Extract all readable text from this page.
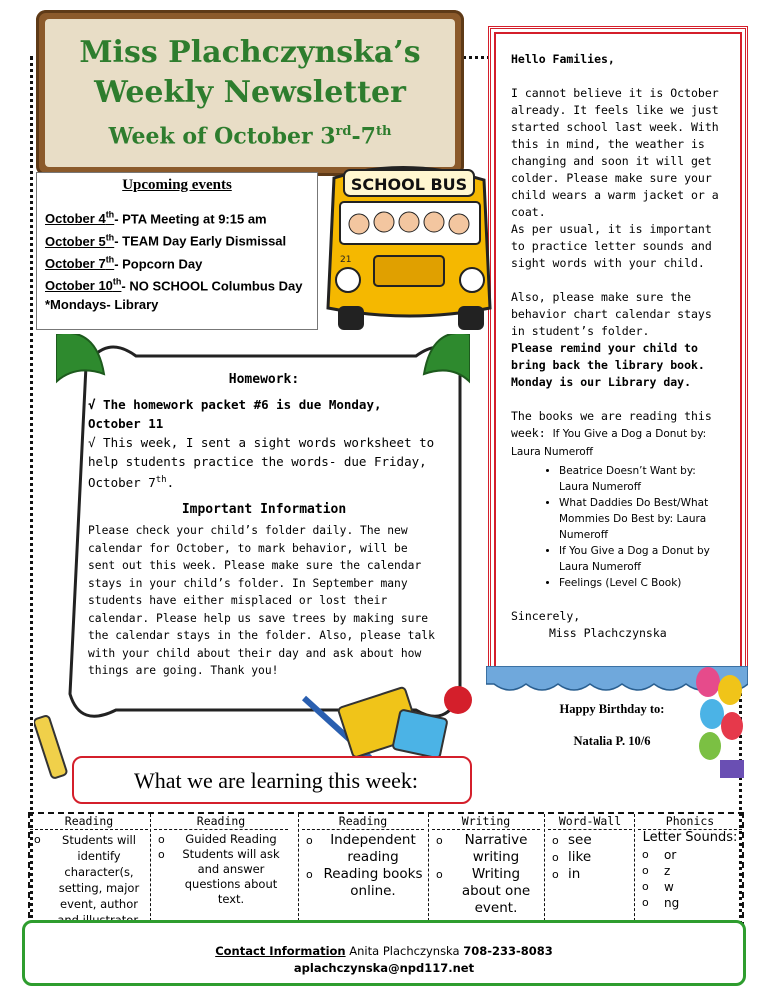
Hello Families,

I cannot believe it is October already. It feels like we just started school last week. With this in mind, the weather is changing and soon it will get colder. Please make sure your child wears a warm jacket or a coat.

As per usual, it is important to practice letter sounds and sight words with your child.

Also, please make sure the behavior chart calendar stays in student’s folder.

Please remind your child to bring back the library book. Monday is our Library day.

The books we are reading this week: If You Give a Dog a Donut by: Laura Numeroff

• Beatrice Doesn’t Want by: Laura Numeroff
• What Daddies Do Best/What Mommies Do Best by: Laura Numeroff
• If You Give a Dog a Donut by Laura Numeroff
• Feelings (Level C Book)

Sincerely,

Miss Plachczynska

Miss Plachczynska’s
Weekly Newsletter
Week of October 3rd-7th
Upcoming events
October 4th- PTA Meeting at 9:15 am
October 5th- TEAM Day Early Dismissal
October 7th- Popcorn Day
October 10th- NO SCHOOL Columbus Day
*Mondays- Library
SCHOOL BUS
21
Homework:

√ The homework packet #6 is due Monday, October 11

√ This week, I sent a sight words worksheet to help students practice the words- due Friday, October 7th.

Important Information

Please check your child’s folder daily. The new calendar for October, to mark behavior, will be sent out this week. Please make sure the calendar stays in your child’s folder. In September many students have either misplaced or lost their calendar. Please help us save trees by making sure the calendar stays in the folder. Also, please talk with your child about their day and ask about how things are going. Thank you!

Happy Birthday to:
Natalia P. 10/6
What we are learning this week:
Reading
o Students will identify character(s, setting, major event, author
Reading
o Guided Reading
o Students will ask and answer questions about text.
Reading
o Independent reading
o Reading books online.
Writing
o Narrative writing
o Writing about one event.
Word-Wall
o see
o like
o in
Phonics
Letter Sounds:
o or
o z
o w
o ng
Contact Information Anita Plachczynska 708-233-8083
aplachczynska@npd117.net
